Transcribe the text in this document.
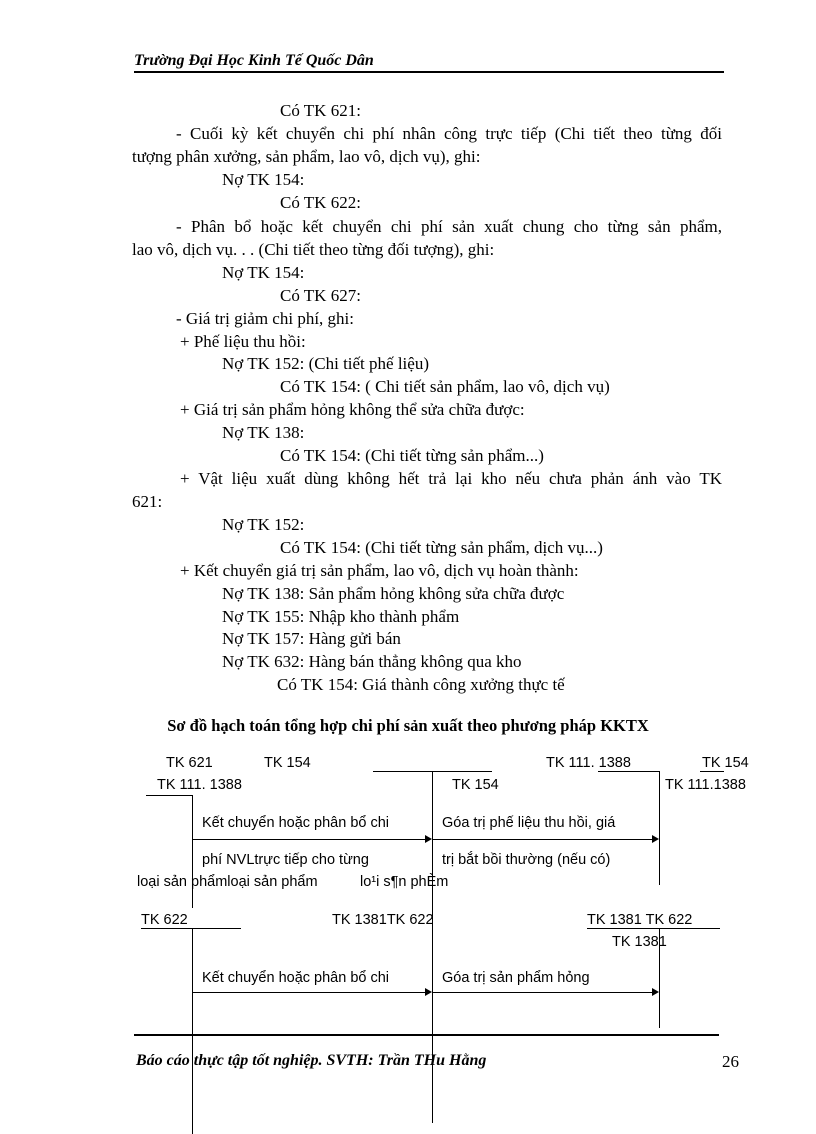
Trường Đại Học Kinh Tế Quốc Dân
Có TK 621:
- Cuối kỳ kết chuyển chi phí nhân công trực tiếp (Chi tiết theo từng đối
tượng phân xưởng, sản phẩm, lao vô, dịch vụ), ghi:
Nợ TK 154:
Có TK 622:
- Phân bổ hoặc kết chuyển chi phí sản xuất chung cho từng sản phẩm,
lao vô, dịch vụ. . . (Chi tiết theo từng đối tượng), ghi:
Nợ TK 154:
Có TK 627:
- Giá trị giảm chi phí, ghi:
+ Phế liệu thu hồi:
Nợ TK 152: (Chi tiết phế liệu)
Có TK 154: ( Chi tiết sản phẩm, lao vô, dịch vụ)
+ Giá trị sản phẩm hỏng không thể sửa chữa được:
Nợ TK 138:
Có TK 154: (Chi tiết từng sản phẩm...)
+ Vật liệu xuất dùng không hết trả lại kho nếu chưa phản ánh vào TK
621:
Nợ TK 152:
Có TK 154: (Chi tiết từng sản phẩm, dịch vụ...)
+ Kết chuyển giá trị sản phẩm, lao vô, dịch vụ hoàn thành:
Nợ TK 138: Sản phẩm hỏng không sửa chữa được
Nợ TK 155: Nhập kho thành phẩm
Nợ TK 157: Hàng gửi bán
Nợ TK 632: Hàng bán thẳng không qua kho
Có TK 154: Giá thành công xưởng thực tế
Sơ đồ hạch toán tổng hợp chi phí sản xuất theo phương pháp KKTX
TK 621	TK 154	TK 111. 1388	TK 154
TK 111. 1388	TK 154	TK 111.1388
Kết chuyển hoặc phân bổ chi	Góa trị phế liệu thu hồi, giá
phí NVLtrực tiếp cho từng	trị bắt bồi thường (nếu có)
loại sản phẩmloại sản phẩm	lo¹i s¶n phÈm
TK 622	TK 1381TK 622	TK 1381 TK 622
TK 1381
Kết chuyển hoặc phân bổ chi	Góa trị sản phẩm hỏng
Báo cáo thực tập tốt nghiệp. SVTH: Trần THu Hằng	26
